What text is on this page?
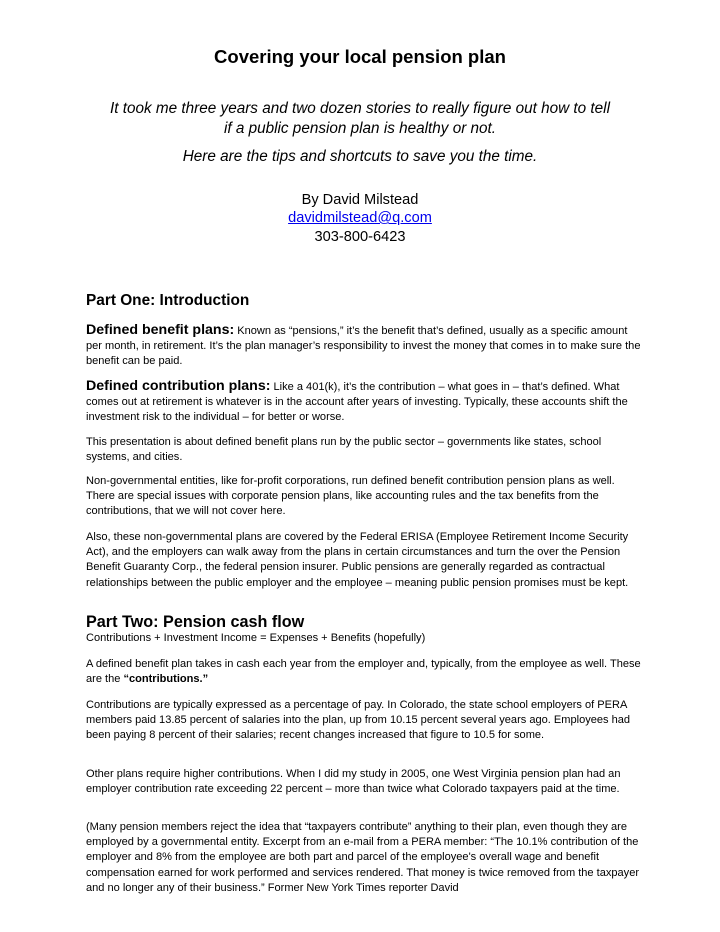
Covering your local pension plan
It took me three years and two dozen stories to really figure out how to tell
if a public pension plan is healthy or not.
Here are the tips and shortcuts to save you the time.
By David Milstead
davidmilstead@q.com
303-800-6423
Part One: Introduction
Defined benefit plans: Known as “pensions,” it’s the benefit that’s defined, usually as a specific amount per month, in retirement. It’s the plan manager’s responsibility to invest the money that comes in to make sure the benefit can be paid.
Defined contribution plans: Like a 401(k), it’s the contribution – what goes in – that’s defined. What comes out at retirement is whatever is in the account after years of investing. Typically, these accounts shift the investment risk to the individual – for better or worse.
This presentation is about defined benefit plans run by the public sector – governments like states, school systems, and cities.
Non-governmental entities, like for-profit corporations, run defined benefit contribution pension plans as well. There are special issues with corporate pension plans, like accounting rules and the tax benefits from the contributions, that we will not cover here.
Also, these non-governmental plans are covered by the Federal ERISA (Employee Retirement Income Security Act), and the employers can walk away from the plans in certain circumstances and turn the over the Pension Benefit Guaranty Corp., the federal pension insurer. Public pensions are generally regarded as contractual relationships between the public employer and the employee – meaning public pension promises must be kept.
Part Two: Pension cash flow
Contributions + Investment Income = Expenses + Benefits (hopefully)
A defined benefit plan takes in cash each year from the employer and, typically, from the employee as well. These are the “contributions.”
Contributions are typically expressed as a percentage of pay. In Colorado, the state school employers of PERA members paid 13.85 percent of salaries into the plan, up from 10.15 percent several years ago. Employees had been paying 8 percent of their salaries; recent changes increased that figure to 10.5 for some.
Other plans require higher contributions. When I did my study in 2005, one West Virginia pension plan had an employer contribution rate exceeding 22 percent – more than twice what Colorado taxpayers paid at the time.
(Many pension members reject the idea that “taxpayers contribute” anything to their plan, even though they are employed by a governmental entity. Excerpt from an e-mail from a PERA member: “The 10.1% contribution of the employer and 8% from the employee are both part and parcel of the employee's overall wage and benefit compensation earned for work performed and services rendered. That money is twice removed from the taxpayer and no longer any of their business.” Former New York Times reporter David
